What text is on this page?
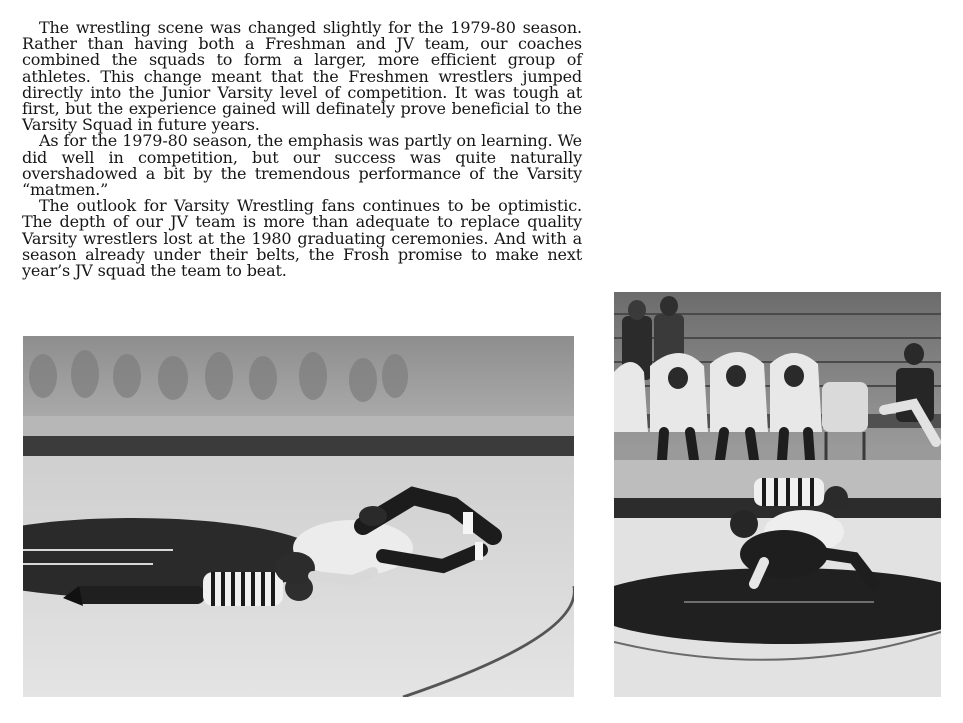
The wrestling scene was changed slightly for the 1979-80 season. Rather than having both a Freshman and JV team, our coaches combined the squads to form a larger, more efficient group of athletes. This change meant that the Freshmen wrestlers jumped directly into the Junior Varsity level of competition. It was tough at first, but the experience gained will definately prove beneficial to the Varsity Squad in future years.

As for the 1979-80 season, the emphasis was partly on learning. We did well in competition, but our success was quite naturally overshadowed a bit by the tremendous performance of the Varsity “matmen.”

The outlook for Varsity Wrestling fans continues to be optimistic. The depth of our JV team is more than adequate to replace quality Varsity wrestlers lost at the 1980 graduating ceremonies. And with a season already under their belts, the Frosh promise to make next year’s JV squad the team to beat.
